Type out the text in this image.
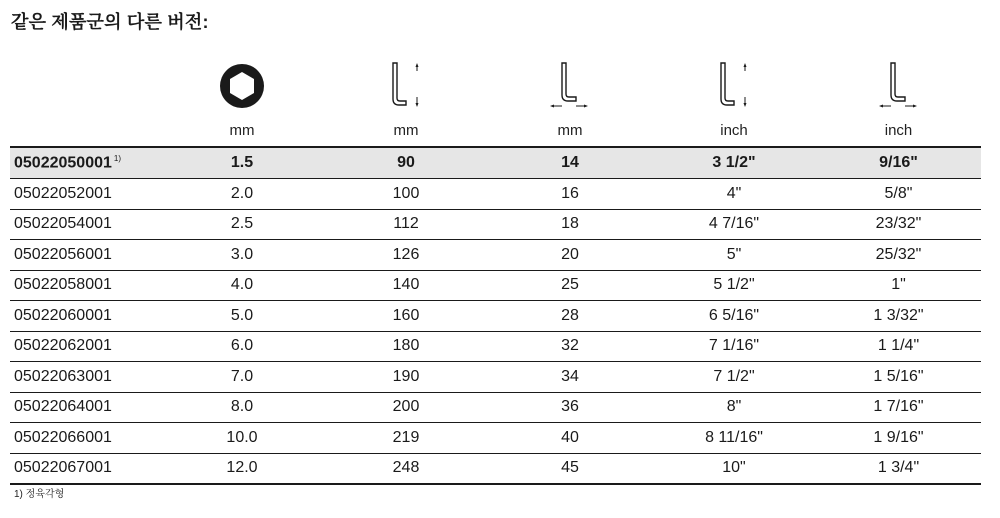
같은 제품군의 다른 버전:

	mm	mm	mm	inch	inch
05022050001 $^{1)}$	1.5	90	14	3 1/2"	9/16"
05022052001	2.0	100	16	4"	5/8"
05022054001	2.5	112	18	4 7/16"	23/32"
05022056001	3.0	126	20	5"	25/32"
05022058001	4.0	140	25	5 1/2"	1"
05022060001	5.0	160	28	6 5/16"	1 3/32"
05022062001	6.0	180	32	7 1/16"	1 1/4"
05022063001	7.0	190	34	7 1/2"	1 5/16"
05022064001	8.0	200	36	8"	1 7/16"
05022066001	10.0	219	40	8 11/16"	1 9/16"
05022067001	12.0	248	45	10"	1 3/4"
1) 정육각형
